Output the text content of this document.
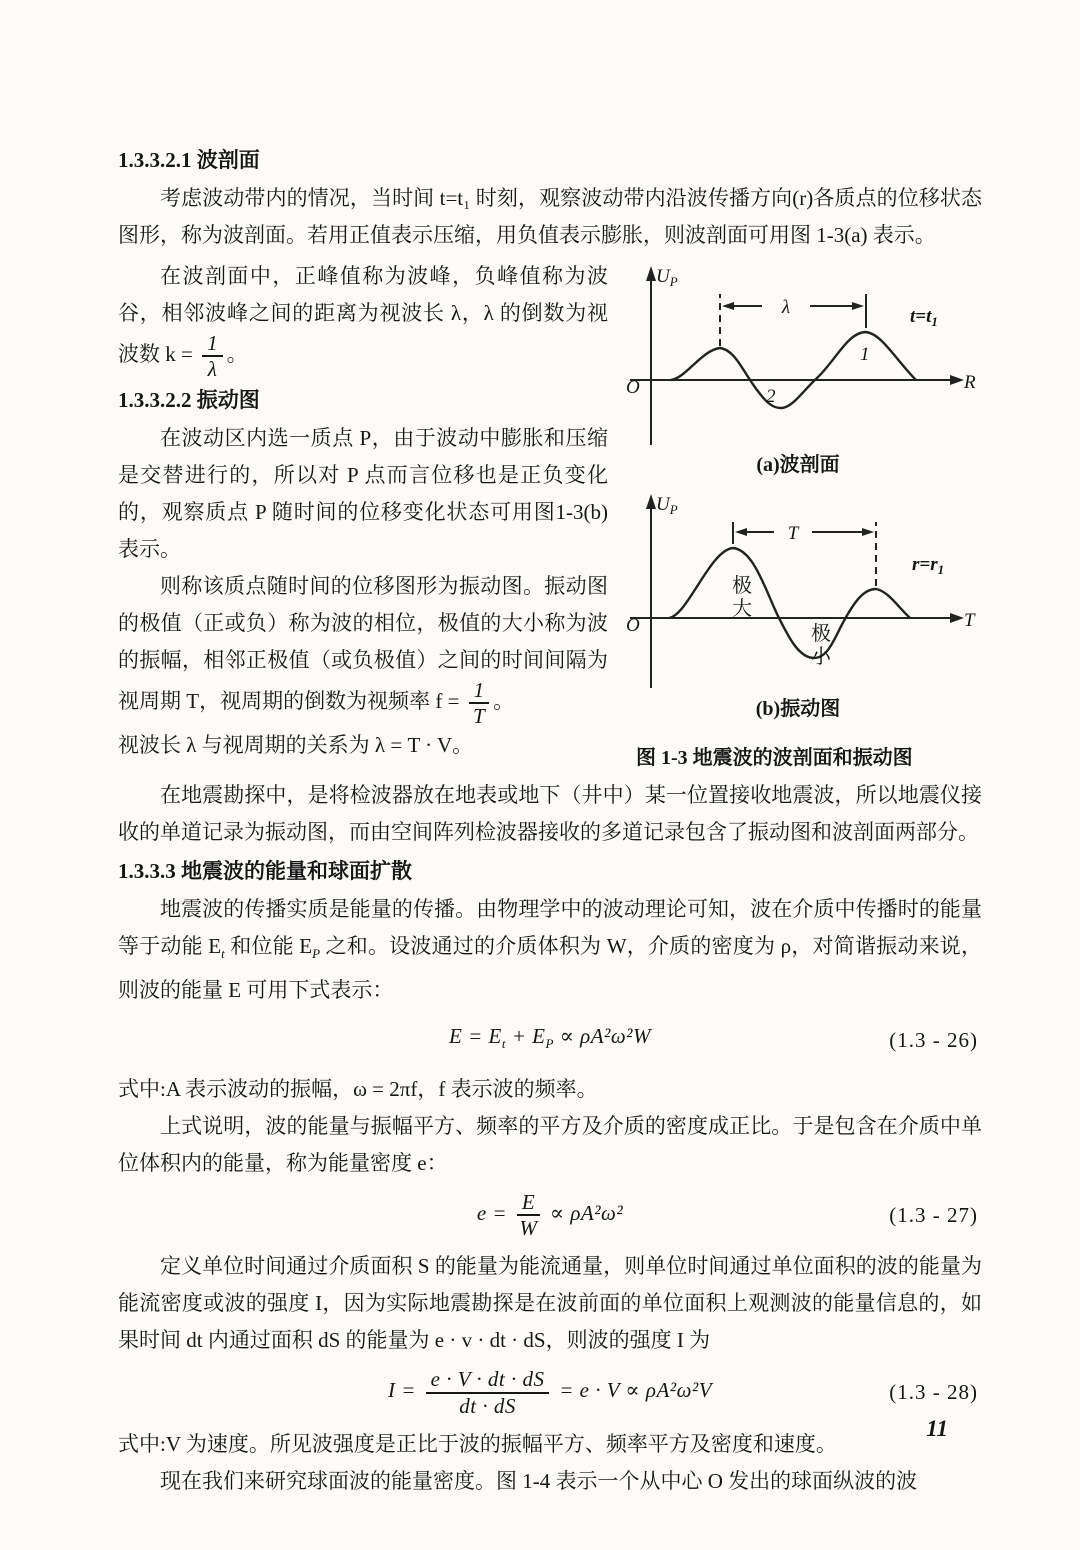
1.3.3.2.1 波剖面

考虑波动带内的情况，当时间 t=t₁ 时刻，观察波动带内沿波传播方向(r)各质点的位移状态图形，称为波剖面。若用正值表示压缩，用负值表示膨胀，则波剖面可用图 1-3(a) 表示。

在波剖面中，正峰值称为波峰，负峰值称为波谷，相邻波峰之间的距离为视波长 λ，λ 的倒数为视波数 $k = \frac{1}{\lambda}$ 。

1.3.3.2.2 振动图

在波动区内选一质点 P，由于波动中膨胀和压缩是交替进行的，所以对 P 点而言位移也是正负变化的，观察质点 P 随时间的位移变化状态可用图1-3(b)表示。

则称该质点随时间的位移图形为振动图。振动图的极值（正或负）称为波的相位，极值的大小称为波的振幅，相邻正极值（或负极值）之间的时间间隔为视周期 T，视周期的倒数为视频率 $f = \frac{1}{T}$ 。

视波长 λ 与视周期的关系为 λ = T · V。

λ	$t=t_1$
$U_P$
O	R
1
2
(a)波剖面
T
$r=r_1$
$U_P$
O	T
极
大
极
小
(b)振动图
图 1-3 地震波的波剖面和振动图

在地震勘探中，是将检波器放在地表或地下（井中）某一位置接收地震波，所以地震仪接收的单道记录为振动图，而由空间阵列检波器接收的多道记录包含了振动图和波剖面两部分。

1.3.3.3 地震波的能量和球面扩散

地震波的传播实质是能量的传播。由物理学中的波动理论可知，波在介质中传播时的能量等于动能 $E_t$ 和位能 $E_P$ 之和。设波通过的介质体积为 W，介质的密度为 ρ，对简谐振动来说，则波的能量 E 可用下式表示：

$E = E_t + E_P \propto \rho A^2\omega^2W$	(1.3 - 26)

式中:A 表示波动的振幅，ω = 2πf，f 表示波的频率。

上式说明，波的能量与振幅平方、频率的平方及介质的密度成正比。于是包含在介质中单位体积内的能量，称为能量密度 e：

$e = \frac{E}{W} \propto \rho A^2\omega^2$	(1.3 - 27)

定义单位时间通过介质面积 S 的能量为能流通量，则单位时间通过单位面积的波的能量为能流密度或波的强度 I，因为实际地震勘探是在波前面的单位面积上观测波的能量信息的，如果时间 dt 内通过面积 dS 的能量为 e · v · dt · dS，则波的强度 I 为

$I = \frac{e \cdot V \cdot dt \cdot dS}{dt \cdot dS} = e \cdot V \propto \rho A^2\omega^2V$	(1.3 - 28)

式中:V 为速度。所见波强度是正比于波的振幅平方、频率平方及密度和速度。

现在我们来研究球面波的能量密度。图 1-4 表示一个从中心 O 发出的球面纵波的波

11
